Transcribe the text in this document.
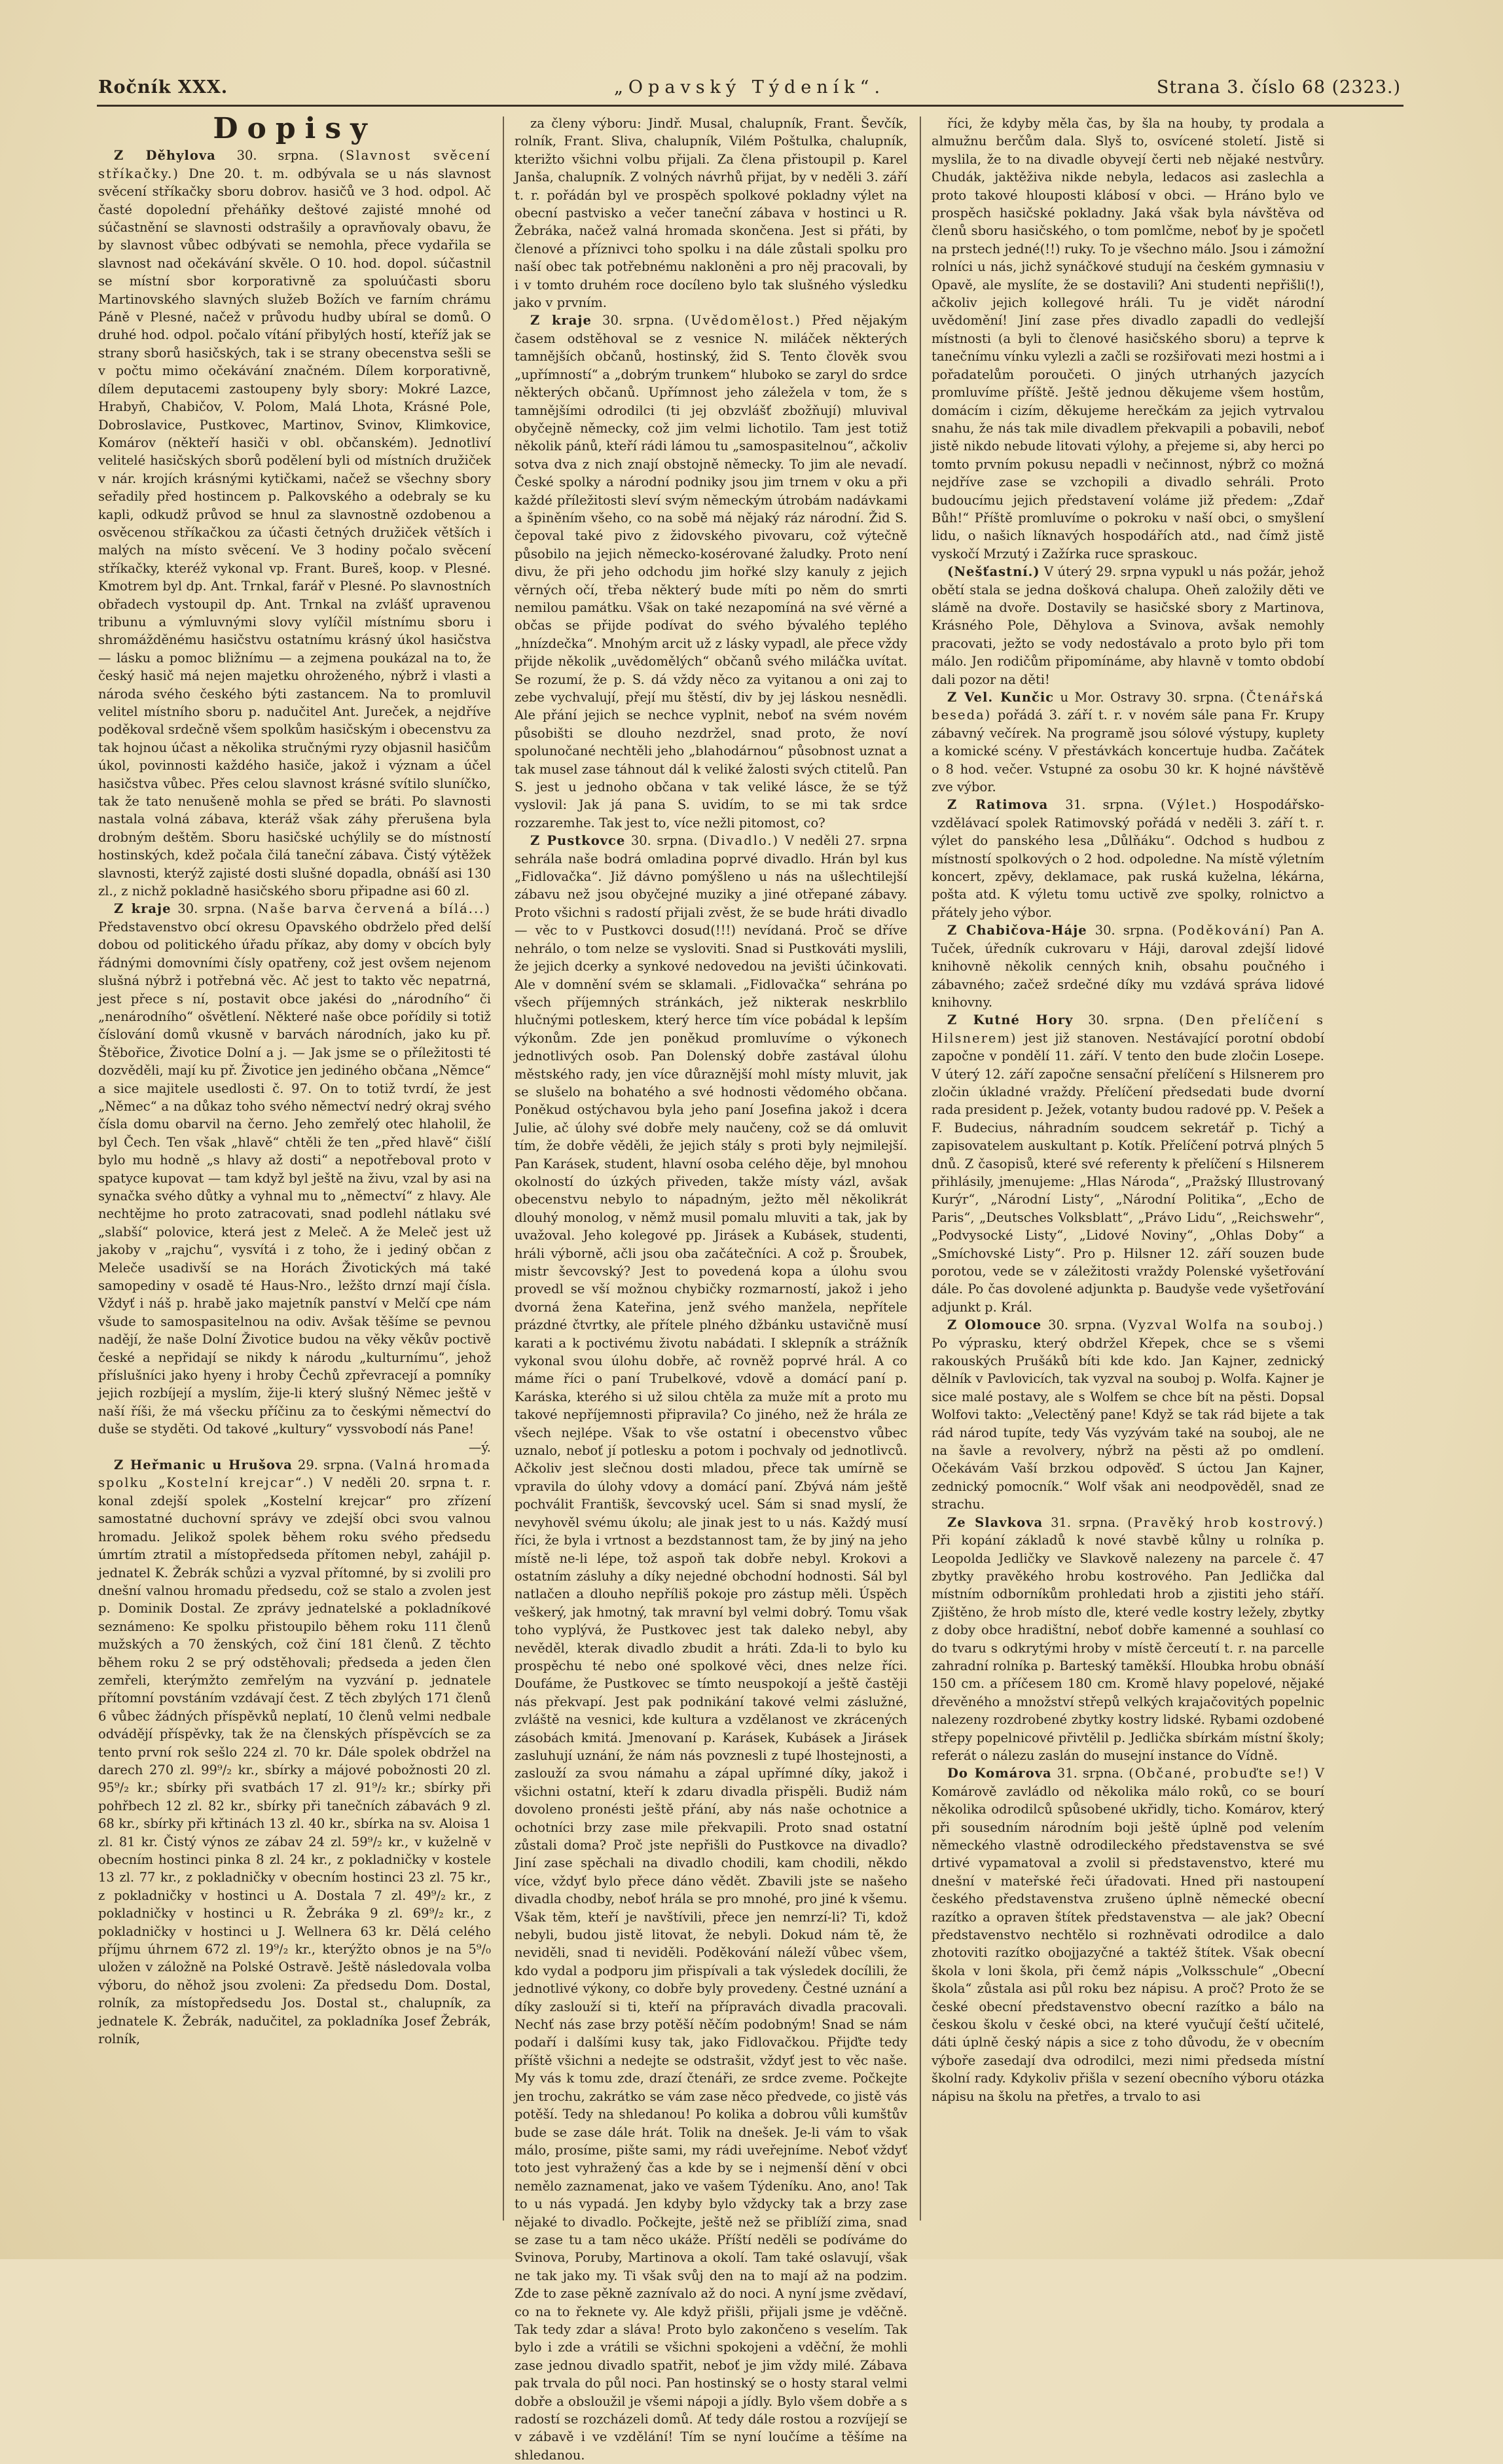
Ročník XXX.	„Opavský Týdeník“.	Strana 3. číslo 68 (2323.)
Dopisy

Z Děhylova 30. srpna. (Slavnost svěcení stříkačky.) Dne 20. t. m. odbývala se u nás slavnost svěcení stříkačky sboru dobrov. hasičů ve 3 hod. odpol. Ač časté dopolední přeháňky deštové zajisté mnohé od súčastnění se slavnosti odstrašily a opravňovaly obavu, že by slavnost vůbec odbývati se nemohla, přece vydařila se slavnost nad očekávání skvěle. O 10. hod. dopol. súčastnil se místní sbor korporativně za spoluúčasti sboru Martinovského slavných služeb Božích ve farním chrámu Páně v Plesné, načež v průvodu hudby ubíral se domů. O druhé hod. odpol. počalo vítání přibylých hostí, kteříž jak se strany sborů hasičských, tak i se strany obecenstva sešli se v počtu mimo očekávání značném. Dílem korporativně, dílem deputacemi zastoupeny byly sbory: Mokré Lazce, Hrabyň, Chabičov, V. Polom, Malá Lhota, Krásné Pole, Dobroslavice, Pustkovec, Martinov, Svinov, Klimkovice, Komárov (někteří hasiči v obl. občanském). Jednotliví velitelé hasičských sborů podělení byli od místních družiček v nár. krojích krásnými kytičkami, načež se všechny sbory seřadily před hostincem p. Palkovského a odebraly se ku kapli, odkudž průvod se hnul za slavnostně ozdobenou a osvěcenou stříkačkou za účasti četných družiček větších i malých na místo svěcení. Ve 3 hodiny počalo svěcení stříkačky, kteréž vykonal vp. Frant. Bureš, koop. v Plesné. Kmotrem byl dp. Ant. Trnkal, farář v Plesné. Po slavnostních obřadech vystoupil dp. Ant. Trnkal na zvlášť upravenou tribunu a výmluvnými slovy vylíčil místnímu sboru i shromážděnému hasičstvu ostatnímu krásný úkol hasičstva — lásku a pomoc bližnímu — a zejmena poukázal na to, že český hasič má nejen majetku ohroženého, nýbrž i vlasti a národa svého českého býti zastancem. Na to promluvil velitel místního sboru p. nadučitel Ant. Jureček, a nejdříve poděkoval srdečně všem spolkům hasičským i obecenstvu za tak hojnou účast a několika stručnými ryzy objasnil hasičům úkol, povinnosti každého hasiče, jakož i význam a účel hasičstva vůbec. Přes celou slavnost krásné svítilo sluníčko, tak že tato nenušeně mohla se před se bráti. Po slavnosti nastala volná zábava, kteráž však záhy přerušena byla drobným deštěm. Sboru hasičské uchýlily se do místností hostinských, kdež počala čilá taneční zábava. Čistý výtěžek slavnosti, kterýž zajisté dosti slušné dopadla, obnáší asi 130 zl., z nichž pokladně hasičského sboru připadne asi 60 zl.

Z kraje 30. srpna. (Naše barva červená a bílá...) Představenstvo obcí okresu Opavského obdrželo před delší dobou od politického úřadu příkaz, aby domy v obcích byly řádnými domovními čísly opatřeny, což jest ovšem nejenom slušná nýbrž i potřebná věc. Ač jest to takto věc nepatrná, jest přece s ní, postavit obce jakési do „národního“ či „nenárodního“ ošvětlení. Některé naše obce pořídily si totiž číslování domů vkusně v barvách národních, jako ku př. Štěbořice, Životice Dolní a j. — Jak jsme se o příležitosti té dozvěděli, mají ku př. Životice jen jediného občana „Němce“ a sice majitele usedlosti č. 97. On to totiž tvrdí, že jest „Němec“ a na důkaz toho svého němectví nedrý okraj svého čísla domu obarvil na černo. Jeho zemřelý otec hlaholil, že byl Čech. Ten však „hlavě“ chtěli že ten „před hlavě“ čišlí bylo mu hodně „s hlavy až dosti“ a nepotřeboval proto v spatyce kupovat — tam když byl ještě na živu, vzal by asi na synačka svého důtky a vyhnal mu to „němectví“ z hlavy. Ale nechtějme ho proto zatracovati, snad podlehl nátlaku své „slabší“ polovice, která jest z Meleč. A že Meleč jest už jakoby v „rajchu“, vysvítá i z toho, že i jediný občan z Meleče usadivší se na Horách Životických má také samopediny v osadě té Haus-Nro., ležšto drnzí mají čísla. Vždyť i náš p. hrabě jako majetník panství v Melčí cpe nám všude to samospasitelnou na odiv. Avšak těšíme se pevnou nadějí, že naše Dolní Životice budou na věky věkův poctivě české a nepřidají se nikdy k národu „kulturnímu“, jehož příslušníci jako hyeny i hroby Čechů zpřevracejí a pomníky jejich rozbíjejí a myslím, žije-li který slušný Němec ještě v naší říši, že má všecku příčinu za to českými němectví do duše se styděti. Od takové „kultury“ vyssvobodí nás Pane!

—ý.

Z Heřmanic u Hrušova 29. srpna. (Valná hromada spolku „Kostelní krejcar“.) V neděli 20. srpna t. r. konal zdejší spolek „Kostelní krejcar“ pro zřízení samostatné duchovní správy ve zdejší obci svou valnou hromadu. Jelikož spolek během roku svého předsedu úmrtím ztratil a místopředseda přítomen nebyl, zahájil p. jednatel K. Žebrák schůzi a vyzval přítomné, by si zvolili pro dnešní valnou hromadu předsedu, což se stalo a zvolen jest p. Dominik Dostal. Ze zprávy jednatelské a pokladníkové seznámeno: Ke spolku přistoupilo během roku 111 členů mužských a 70 ženských, což činí 181 členů. Z těchto během roku 2 se prý odstěhovali; předseda a jeden člen zemřeli, kterýmžto zemřelým na vyzvání p. jednatele přítomní povstáním vzdávají čest. Z těch zbylých 171 členů 6 vůbec žádných příspěvků neplatí, 10 členů velmi nedbale odvádějí příspěvky, tak že na členských příspěvcích se za tento první rok sešlo 224 zl. 70 kr. Dále spolek obdržel na darech 270 zl. 99⁹/₂ kr., sbírky a májové pobožnosti 20 zl. 95⁹/₂ kr.; sbírky při svatbách 17 zl. 91⁹/₂ kr.; sbírky při pohřbech 12 zl. 82 kr., sbírky při tanečních zábavách 9 zl. 68 kr., sbírky při křtinách 13 zl. 40 kr., sbírka na sv. Aloisa 1 zl. 81 kr. Čistý výnos ze zábav 24 zl. 59⁹/₂ kr., v kuželně v obecním hostinci pinka 8 zl. 24 kr., z pokladničky v kostele 13 zl. 77 kr., z pokladničky v obecním hostinci 23 zl. 75 kr., z pokladničky v hostinci u A. Dostala 7 zl. 49⁹/₂ kr., z pokladničky v hostinci u R. Žebráka 9 zl. 69⁹/₂ kr., z pokladničky v hostinci u J. Wellnera 63 kr. Dělá celého příjmu úhrnem 672 zl. 19⁹/₂ kr., kterýžto obnos je na 5⁹/₀ uložen v záložně na Polské Ostravě. Ještě následovala volba výboru, do něhož jsou zvoleni: Za předsedu Dom. Dostal, rolník, za místopředsedu Jos. Dostal st., chalupník, za jednatele K. Žebrák, nadučitel, za pokladníka Josef Žebrák, rolník,

za členy výboru: Jindř. Musal, chalupník, Frant. Ševčík, rolník, Frant. Sliva, chalupník, Vilém Poštulka, chalupník, kterižto všichni volbu přijali. Za člena přistoupil p. Karel Janša, chalupník. Z volných návrhů přijat, by v neděli 3. září t. r. pořádán byl ve prospěch spolkové pokladny výlet na obecní pastvisko a večer taneční zábava v hostinci u R. Žebráka, načež valná hromada skončena. Jest si přáti, by členové a příznivci toho spolku i na dále zůstali spolku pro naší obec tak potřebnému nakloněni a pro něj pracovali, by i v tomto druhém roce docíleno bylo tak slušného výsledku jako v prvním.

Z kraje 30. srpna. (Uvědomělost.) Před nějakým časem odstěhoval se z vesnice N. miláček některých tamnějších občanů, hostinský, žid S. Tento člověk svou „upřímností“ a „dobrým trunkem“ hluboko se zaryl do srdce některých občanů. Upřímnost jeho záležela v tom, že s tamnějšími odrodilci (ti jej obzvlášť zbožňují) mluvival obyčejně německy, což jim velmi lichotilo. Tam jest totiž několik pánů, kteří rádi lámou tu „samospasitelnou“, ačkoliv sotva dva z nich znají obstojně německy. To jim ale nevadí. České spolky a národní podniky jsou jim trnem v oku a při každé příležitosti sleví svým německým útrobám nadávkami a špiněním všeho, co na sobě má nějaký ráz národní. Žid S. čepoval také pivo z židovského pivovaru, což výtečně působilo na jejich německo-kosérované žaludky. Proto není divu, že při jeho odchodu jim hořké slzy kanuly z jejich věrných očí, třeba některý bude míti po něm do smrti nemilou památku. Však on také nezapomíná na své věrné a občas se přijde podívat do svého bývalého teplého „hnízdečka“. Mnohým arcit už z lásky vypadl, ale přece vždy přijde několik „uvědomělých“ občanů svého miláčka uvítat. Se rozumí, že p. S. dá vždy něco za vyitanou a oni zaj to zebe vychvalují, přejí mu štěstí, div by jej láskou nesnědli. Ale přání jejich se nechce vyplnit, neboť na svém novém působišti se dlouho nezdržel, snad proto, že noví spolunočané nechtěli jeho „blahodárnou“ působnost uznat a tak musel zase táhnout dál k veliké žalosti svých ctitelů. Pan S. jest u jednoho občana v tak veliké lásce, že se týž vyslovil: Jak já pana S. uvidím, to se mi tak srdce rozzaremhe. Tak jest to, více nežli pitomost, co?

Z Pustkovce 30. srpna. (Divadlo.) V neděli 27. srpna sehrála naše bodrá omladina poprvé divadlo. Hrán byl kus „Fidlovačka“. Již dávno pomýšleno u nás na ušlechtilejší zábavu než jsou obyčejné muziky a jiné otřepané zábavy. Proto všichni s radostí přijali zvěst, že se bude hráti divadlo — věc to v Pustkovci dosud(!!!) nevídaná. Proč se dříve nehrálo, o tom nelze se vysloviti. Snad si Pustkováti myslili, že jejich dcerky a synkové nedovedou na jevišti účinkovati. Ale v domnění svém se sklamali. „Fidlovačka“ sehrána po všech příjemných stránkách, jež nikterak neskrblilo hlučnými potleskem, který herce tím více pobádal k lepším výkonům. Zde jen poněkud promluvíme o výkonech jednotlivých osob. Pan Dolenský dobře zastával úlohu městského rady, jen více důraznější mohl místy mluvit, jak se slušelo na bohatého a své hodnosti vědomého občana. Poněkud ostýchavou byla jeho paní Josefina jakož i dcera Julie, ač úlohy své dobře mely naučeny, což se dá omluvit tím, že dobře věděli, že jejich stály s proti byly nejmilejší. Pan Karásek, student, hlavní osoba celého děje, byl mnohou okolností do úzkých přiveden, takže místy vázl, avšak obecenstvu nebylo to nápadným, ježto měl několikrát dlouhý monolog, v němž musil pomalu mluviti a tak, jak by uvažoval. Jeho kolegové pp. Jirásek a Kubásek, studenti, hráli výborně, ačli jsou oba začátečníci. A což p. Šroubek, mistr ševcovský? Jest to povedená kopa a úlohu svou provedl se vší možnou chybičky rozmarností, jakož i jeho dvorná žena Kateřina, jenž svého manžela, nepřítele prázdné čtvrtky, ale přítele plného džbánku ustavičně musí karati a k poctivému životu nabádati. I sklepník a strážník vykonal svou úlohu dobře, ač rovněž poprvé hrál. A co máme říci o paní Trubelkové, vdově a domácí paní p. Karáska, kterého si už silou chtěla za muže mít a proto mu takové nepříjemnosti připravila? Co jiného, než že hrála ze všech nejlépe. Však to vše ostatní i obecenstvo vůbec uznalo, neboť jí potlesku a potom i pochvaly od jednotlivců. Ačkoliv jest slečnou dosti mladou, přece tak umírně se vpravila do úlohy vdovy a domácí paní. Zbývá nám ještě pochválit Františk, ševcovský ucel. Sám si snad myslí, že nevyhověl svému úkolu; ale jinak jest to u nás. Každý musí říci, že byla i vrtnost a bezdstannost tam, že by jiný na jeho místě ne-li lépe, tož aspoň tak dobře nebyl. Krokovi a ostatním zásluhy a díky nejedné obchodní hodnosti. Sál byl natlačen a dlouho nepříliš pokoje pro zástup měli. Úspěch veškerý, jak hmotný, tak mravní byl velmi dobrý. Tomu však toho vyplývá, že Pustkovec jest tak daleko nebyl, aby nevěděl, kterak divadlo zbudit a hráti. Zda-li to bylo ku prospěchu té nebo oné spolkové věci, dnes nelze říci. Doufáme, že Pustkovec se tímto neuspokojí a ještě častěji nás překvapí. Jest pak podnikání takové velmi záslužné, zvláště na vesnici, kde kultura a vzdělanost ve zkrácených zásobách kmitá. Jmenovaní p. Karásek, Kubásek a Jirásek zasluhují uznání, že nám nás povznesli z tupé lhostejnosti, a zaslouží za svou námahu a zápal upřímné díky, jakož i všichni ostatní, kteří k zdaru divadla přispěli. Budiž nám dovoleno pronésti ještě přání, aby nás naše ochotnice a ochotníci brzy zase mile překvapili. Proto snad ostatní zůstali doma? Proč jste nepřišli do Pustkovce na divadlo? Jiní zase spěchali na divadlo chodili, kam chodili, někdo více, vždyť bylo přece dáno vědět. Zbavili jste se našeho divadla chodby, neboť hrála se pro mnohé, pro jiné k všemu. Však těm, kteří je navštívili, přece jen nemrzí-li? Ti, kdož nebyli, budou jistě litovat, že nebyli. Dokud nám tě, že neviděli, snad ti neviděli. Poděkování náleží vůbec všem, kdo vydal a podporu jim přispívali a tak výsledek docílili, že jednotlivé výkony, co dobře byly provedeny. Čestné uznání a díky zaslouží si ti, kteří na přípravách divadla pracovali. Nechť nás zase brzy potěší něčím podobným! Snad se nám podaří i dalšími kusy tak, jako Fidlovačkou. Přijďte tedy příště všichni a nedejte se odstrašit, vždyť jest to věc naše. My vás k tomu zde, drazí čtenáři, ze srdce zveme. Počkejte jen trochu, zakrátko se vám zase něco předvede, co jistě vás potěší. Tedy na shledanou! Po kolika a dobrou vůli kumštův bude se zase dále hrát. Tolik na dnešek. Je-li vám to však málo, prosíme, pište sami, my rádi uveřejníme. Neboť vždyť toto jest vyhražený čas a kde by se i nejmenší dění v obci nemělo zaznamenat, jako ve vašem Týdeníku. Ano, ano! Tak to u nás vypadá. Jen kdyby bylo vždycky tak a brzy zase nějaké to divadlo. Počkejte, ještě než se přiblíží zima, snad se zase tu a tam něco ukáže. Příští neděli se podíváme do Svinova, Poruby, Martinova a okolí. Tam také oslavují, však ne tak jako my. Ti však svůj den na to mají až na podzim. Zde to zase pěkně zaznívalo až do noci. A nyní jsme zvědaví, co na to řeknete vy. Ale když přišli, přijali jsme je vděčně. Tak tedy zdar a sláva! Proto bylo zakončeno s veselím. Tak bylo i zde a vrátili se všichni spokojeni a vděční, že mohli zase jednou divadlo spatřit, neboť je jim vždy milé. Zábava pak trvala do půl noci. Pan hostinský se o hosty staral velmi dobře a obsloužil je všemi nápoji a jídly. Bylo všem dobře a s radostí se rozcházeli domů. Ať tedy dále rostou a rozvíjejí se v zábavě i ve vzdělání! Tím se nyní loučíme a těšíme na shledanou.

říci, že kdyby měla čas, by šla na houby, ty prodala a almužnu berčům dala. Slyš to, osvícené století. Jistě si myslila, že to na divadle obyvejí čerti neb nějaké nestvůry. Chudák, jaktěživa nikde nebyla, ledacos asi zaslechla a proto takové hlouposti klábosí v obci. — Hráno bylo ve prospěch hasičské pokladny. Jaká však byla návštěva od členů sboru hasičského, o tom pomlčme, neboť by je spočetl na prstech jedné(!!) ruky. To je všechno málo. Jsou i zámožní rolníci u nás, jichž synáčkové studují na českém gymnasiu v Opavě, ale myslíte, že se dostavili? Ani studenti nepřišli(!), ačkoliv jejich kollegové hráli. Tu je vidět národní uvědomění! Jiní zase přes divadlo zapadli do vedlejší místnosti (a byli to členové hasičského sboru) a teprve k tanečnímu vínku vylezli a začli se rozšiřovati mezi hostmi a i pořadatelům poroučeti. O jiných utrhaných jazycích promluvíme příště. Ještě jednou děkujeme všem hostům, domácím i cizím, děkujeme herečkám za jejich vytrvalou snahu, že nás tak mile divadlem překvapili a pobavili, neboť jistě nikdo nebude litovati výlohy, a přejeme si, aby herci po tomto prvním pokusu nepadli v nečinnost, nýbrž co možná nejdříve zase se vzchopili a divadlo sehráli. Proto budoucímu jejich představení voláme již předem: „Zdař Bůh!“ Příště promluvíme o pokroku v naší obci, o smyšlení lidu, o našich líknavých hospodářích atd., nad čímž jistě vyskočí Mrzutý i Zažírka ruce spraskouc.

(Nešťastní.) V úterý 29. srpna vypukl u nás požár, jehož obětí stala se jedna došková chalupa. Oheň založily děti ve slámě na dvoře. Dostavily se hasičské sbory z Martinova, Krásného Pole, Děhylova a Svinova, avšak nemohly pracovati, ježto se vody nedostávalo a proto bylo při tom málo. Jen rodičům připomínáme, aby hlavně v tomto období dali pozor na děti!

Z Vel. Kunčic u Mor. Ostravy 30. srpna. (Čtenářská beseda) pořádá 3. září t. r. v novém sále pana Fr. Krupy zábavný večírek. Na programě jsou sólové výstupy, kuplety a komické scény. V přestávkách koncertuje hudba. Začátek o 8 hod. večer. Vstupné za osobu 30 kr. K hojné návštěvě zve výbor.

Z Ratimova 31. srpna. (Výlet.) Hospodářsko-vzdělávací spolek Ratimovský pořádá v neděli 3. září t. r. výlet do panského lesa „Důlňáku“. Odchod s hudbou z místností spolkových o 2 hod. odpoledne. Na místě výletním koncert, zpěvy, deklamace, pak ruská kuželna, lékárna, pošta atd. K výletu tomu uctivě zve spolky, rolnictvo a přátely jeho výbor.

Z Chabičova-Háje 30. srpna. (Poděkování) Pan A. Tuček, úředník cukrovaru v Háji, daroval zdejší lidové knihovně několik cenných knih, obsahu poučného i zábavného; začež srdečné díky mu vzdává správa lidové knihovny.

Z Kutné Hory 30. srpna. (Den přelíčení s Hilsnerem) jest již stanoven. Nestávající porotní období započne v pondělí 11. září. V tento den bude zločin Losepe. V úterý 12. září započne sensační přelíčení s Hilsnerem pro zločin úkladné vraždy. Přelíčení předsedati bude dvorní rada president p. Ježek, votanty budou radové pp. V. Pešek a F. Budecius, náhradním soudcem sekretář p. Tichý a zapisovatelem auskultant p. Kotík. Přelíčení potrvá plných 5 dnů. Z časopisů, které své referenty k přelíčení s Hilsnerem přihlásily, jmenujeme: „Hlas Národa“, „Pražský Illustrovaný Kurýr“, „Národní Listy“, „Národní Politika“, „Echo de Paris“, „Deutsches Volksblatt“, „Právo Lidu“, „Reichswehr“, „Podvysocké Listy“, „Lidové Noviny“, „Ohlas Doby“ a „Smíchovské Listy“. Pro p. Hilsner 12. září souzen bude porotou, vede se v záležitosti vraždy Polenské vyšetřování dále. Po čas dovolené adjunkta p. Baudyše vede vyšetřování adjunkt p. Král.

Z Olomouce 30. srpna. (Vyzval Wolfa na souboj.) Po výprasku, který obdržel Křepek, chce se s všemi rakouských Prušáků bíti kde kdo. Jan Kajner, zednický dělník v Pavlovicích, tak vyzval na souboj p. Wolfa. Kajner je sice malé postavy, ale s Wolfem se chce bít na pěsti. Dopsal Wolfovi takto: „Velectěný pane! Když se tak rád bijete a tak rád národ tupíte, tedy Vás vyzývám také na souboj, ale ne na šavle a revolvery, nýbrž na pěsti až po omdlení. Očekávám Vaší brzkou odpověď. S úctou Jan Kajner, zednický pomocník.“ Wolf však ani neodpověděl, snad ze strachu.

Ze Slavkova 31. srpna. (Pravěký hrob kostrový.) Při kopání základů k nové stavbě kůlny u rolníka p. Leopolda Jedličky ve Slavkově nalezeny na parcele č. 47 zbytky pravěkého hrobu kostrového. Pan Jedlička dal místním odborníkům prohledati hrob a zjistiti jeho stáří. Zjištěno, že hrob místo dle, které vedle kostry ležely, zbytky z doby obce hradištní, neboť dobře kamenné a souhlasí co do tvaru s odkrytými hroby v místě čerceutí t. r. na parcelle zahradní rolníka p. Barteský taměkší. Hloubka hrobu obnáší 150 cm. a příčesem 180 cm. Kromě hlavy popelové, nějaké dřevěného a množství střepů velkých krajačovitých popelnic nalezeny rozdrobené zbytky kostry lidské. Rybami ozdobené střepy popelnicové přivtělil p. Jedlička sbírkám místní školy; referát o nálezu zaslán do musejní instance do Vídně.

Do Komárova 31. srpna. (Občané, probuďte se!) V Komárově zavládlo od několika málo roků, co se bourí několika odrodilců spůsobené ukřidly, ticho. Komárov, který při sousedním národním boji ještě úplně pod velením německého vlastně odrodileckého představenstva se své drtivé vypamatoval a zvolil si představenstvo, které mu dnešní v mateřské řeči úřadovati. Hned při nastoupení českého představenstva zrušeno úplně německé obecní razítko a opraven štítek představenstva — ale jak? Obecní představenstvo nechtělo si rozhněvati odrodilce a dalo zhotoviti razítko obojjazyčné a taktéž štítek. Však obecní škola v loni škola, při čemž nápis „Volksschule“ „Obecní škola“ zůstala asi půl roku bez nápisu. A proč? Proto že se české obecní představenstvo obecní razítko a bálo na českou školu v české obci, na které vyučují čeští učitelé, dáti úplně český nápis a sice z toho důvodu, že v obecním výboře zasedají dva odrodilci, mezi nimi předseda místní školní rady. Kdykoliv přišla v sezení obecního výboru otázka nápisu na školu na přetřes, a trvalo to asi
